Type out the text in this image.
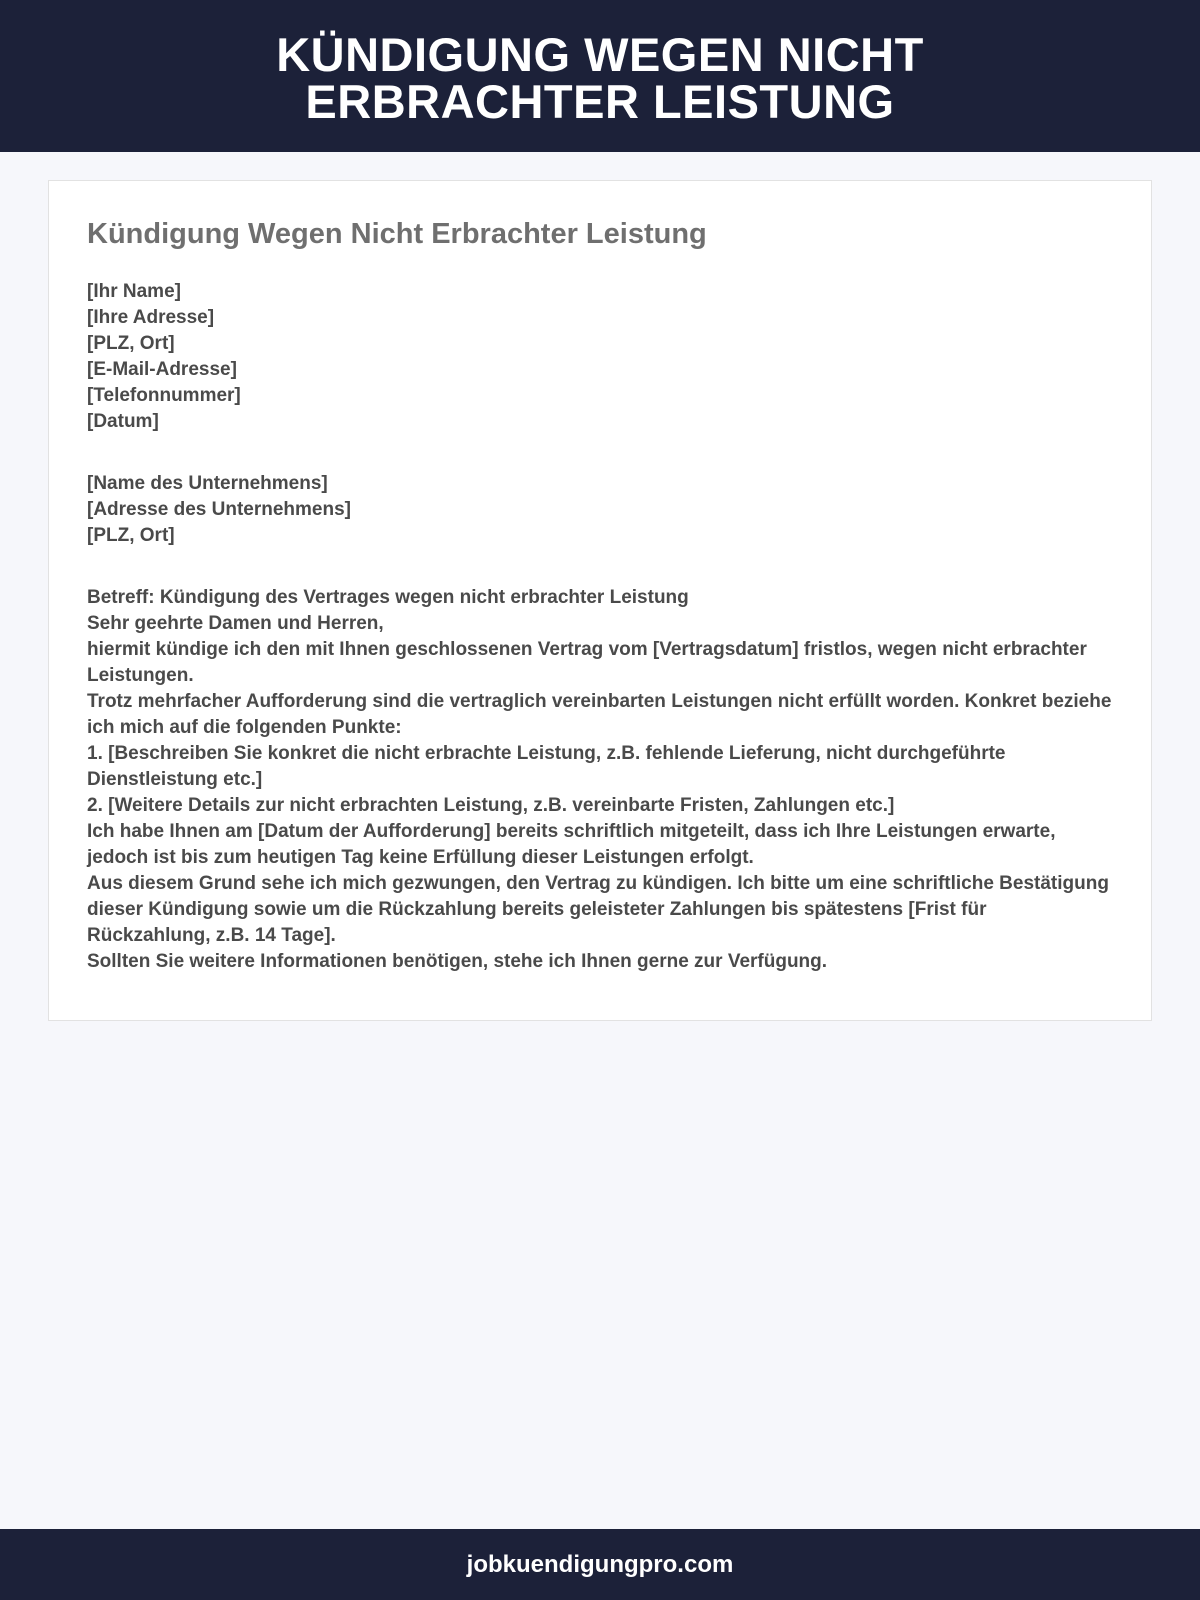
KÜNDIGUNG WEGEN NICHT
ERBRACHTER LEISTUNG
Kündigung Wegen Nicht Erbrachter Leistung

[Ihr Name]

[Ihre Adresse]

[PLZ, Ort]

[E-Mail-Adresse]

[Telefonnummer]

[Datum]

[Name des Unternehmens]

[Adresse des Unternehmens]

[PLZ, Ort]

Betreff: Kündigung des Vertrages wegen nicht erbrachter Leistung

Sehr geehrte Damen und Herren,

hiermit kündige ich den mit Ihnen geschlossenen Vertrag vom [Vertragsdatum] fristlos, wegen nicht erbrachter Leistungen.

Trotz mehrfacher Aufforderung sind die vertraglich vereinbarten Leistungen nicht erfüllt worden. Konkret beziehe ich mich auf die folgenden Punkte:

1. [Beschreiben Sie konkret die nicht erbrachte Leistung, z.B. fehlende Lieferung, nicht durchgeführte Dienstleistung etc.]

2. [Weitere Details zur nicht erbrachten Leistung, z.B. vereinbarte Fristen, Zahlungen etc.]

Ich habe Ihnen am [Datum der Aufforderung] bereits schriftlich mitgeteilt, dass ich Ihre Leistungen erwarte, jedoch ist bis zum heutigen Tag keine Erfüllung dieser Leistungen erfolgt.

Aus diesem Grund sehe ich mich gezwungen, den Vertrag zu kündigen. Ich bitte um eine schriftliche Bestätigung dieser Kündigung sowie um die Rückzahlung bereits geleisteter Zahlungen bis spätestens [Frist für Rückzahlung, z.B. 14 Tage].

Sollten Sie weitere Informationen benötigen, stehe ich Ihnen gerne zur Verfügung.

jobkuendigungpro.com
